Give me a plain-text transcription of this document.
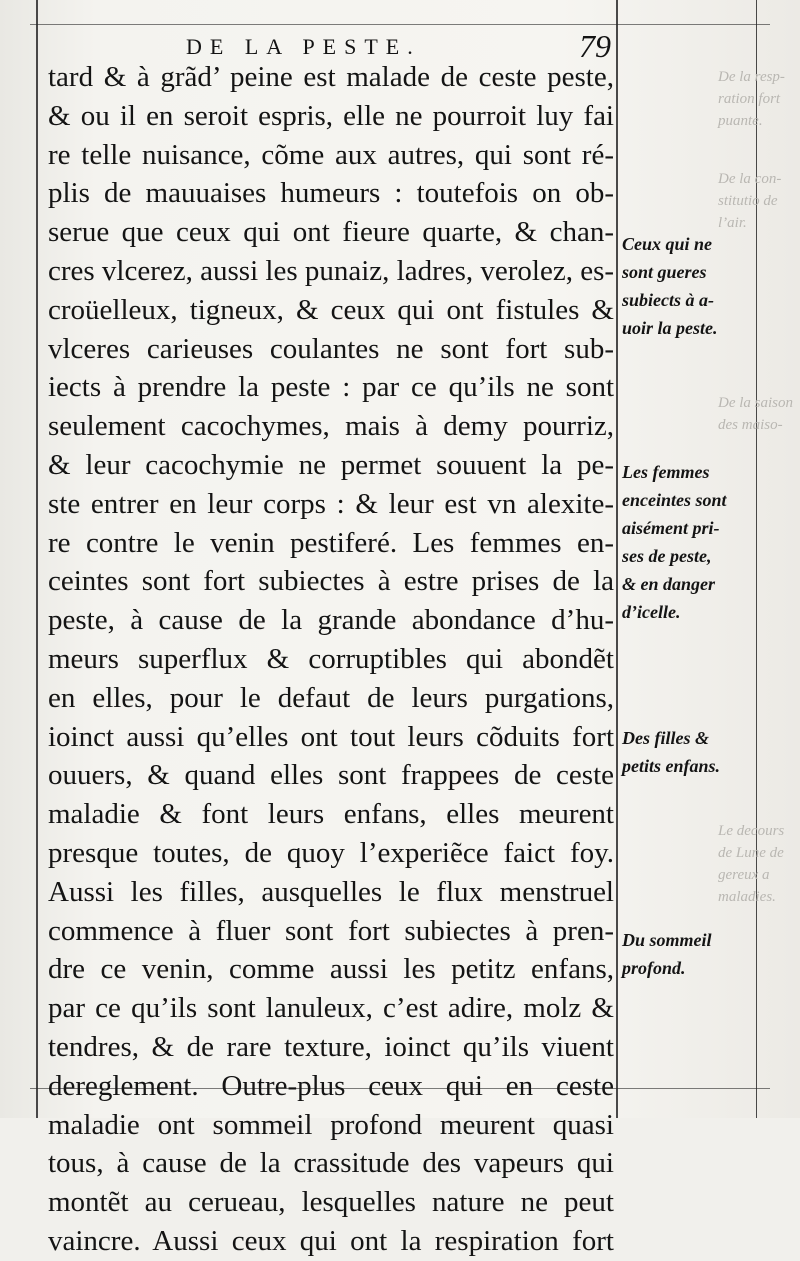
DE LA PESTE.	79
tard & à grãd’ peine est malade de ceste peste,
& ou il en seroit espris, elle ne pourroit luy fai
re telle nuisance, cõme aux autres, qui sont ré-
plis de mauuaises humeurs : toutefois on ob-
serue que ceux qui ont fieure quarte, & chan-
cres vlcerez, aussi les punaiz, ladres, verolez, es-
croüelleux, tigneux, & ceux qui ont fistules &
vlceres carieuses coulantes ne sont fort sub-
iects à prendre la peste : par ce qu’ils ne sont
seulement cacochymes, mais à demy pourriz,
& leur cacochymie ne permet souuent la pe-
ste entrer en leur corps : & leur est vn alexite-
re contre le venin pestiferé. Les femmes en-
ceintes sont fort subiectes à estre prises de la
peste, à cause de la grande abondance d’hu-
meurs superflux & corruptibles qui abondẽt
en elles, pour le defaut de leurs purgations,
ioinct aussi qu’elles ont tout leurs cõduits fort
ouuers, & quand elles sont frappees de ceste
maladie & font leurs enfans, elles meurent
presque toutes, de quoy l’experiẽce faict foy.
Aussi les filles, ausquelles le flux menstruel
commence à fluer sont fort subiectes à pren-
dre ce venin, comme aussi les petitz enfans,
par ce qu’ils sont lanuleux, c’est adire, molz &
tendres, & de rare texture, ioinct qu’ils viuent
dereglement. Outre-plus ceux qui en ceste
maladie ont sommeil profond meurent quasi
tous, à cause de la crassitude des vapeurs qui
montẽt au cerueau, lesquelles nature ne peut
vaincre. Aussi ceux qui ont la respiration fort
Ceux qui ne
sont gueres
subiects à a-
uoir la peste.
Les femmes
enceintes sont
aisément pri-
ses de peste,
& en danger
d’icelle.
Des filles &
petits enfans.
Du sommeil
profond.
De la resp-
ration fort
puante.
De la con-
stitutio de
l’air.
De la saison
des maiso-
Le decours
de Lune de
gereux a
maladies.
